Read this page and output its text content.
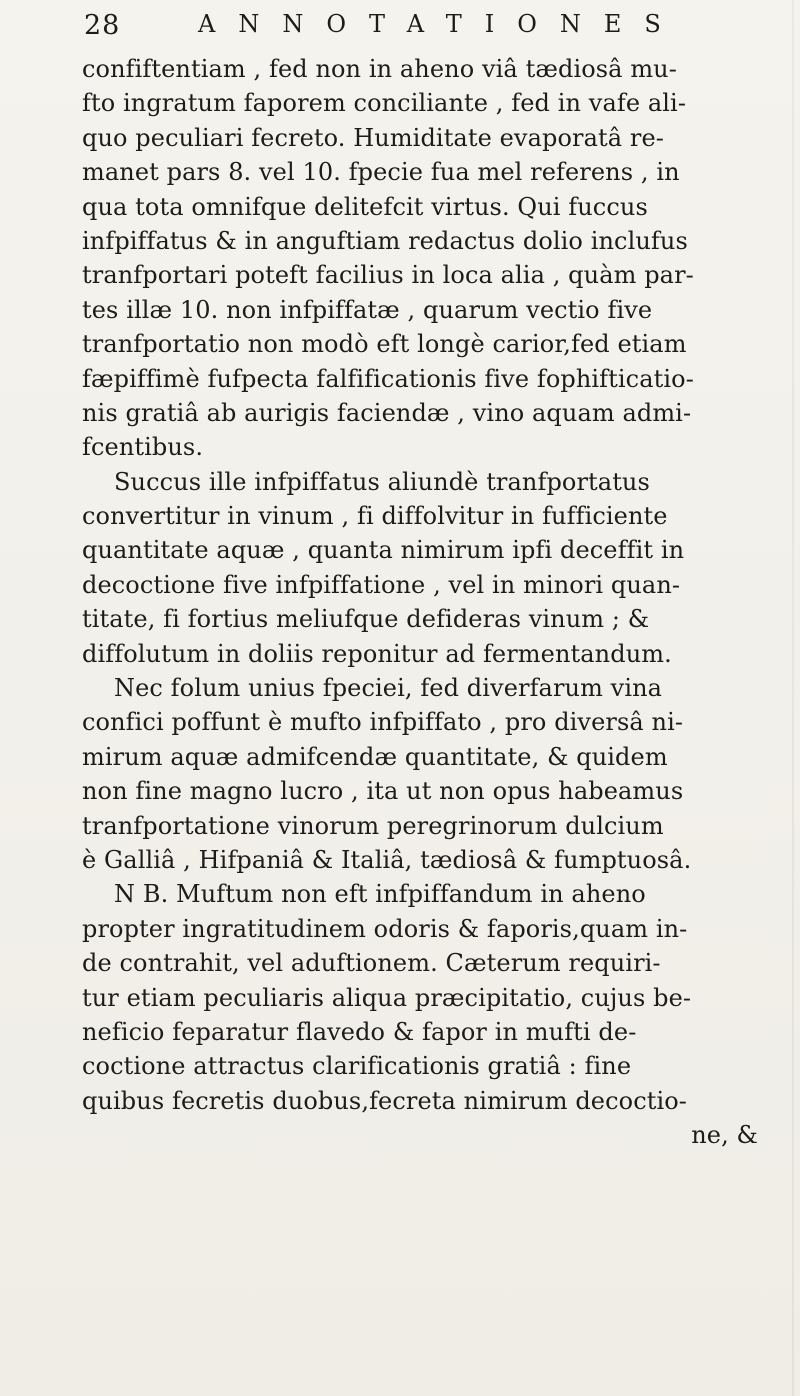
28	ANNOTATIONES
confiftentiam , fed non in aheno viâ tædiosâ mu-
fto ingratum faporem conciliante , fed in vafe ali-
quo peculiari fecreto. Humiditate evaporatâ re-
manet pars 8. vel 10. fpecie fua mel referens , in
qua tota omnifque delitefcit virtus. Qui fuccus
infpiffatus & in anguftiam redactus dolio inclufus
tranfportari poteft facilius in loca alia , quàm par-
tes illæ 10. non infpiffatæ , quarum vectio five
tranfportatio non modò eft longè carior,fed etiam
fæpiffimè fufpecta falfificationis five fophifticatio-
nis gratiâ ab aurigis faciendæ , vino aquam admi-
fcentibus.
Succus ille infpiffatus aliundè tranfportatus
convertitur in vinum , fi diffolvitur in fufficiente
quantitate aquæ , quanta nimirum ipfi deceffit in
decoctione five infpiffatione , vel in minori quan-
titate, fi fortius meliufque defideras vinum ; &
diffolutum in doliis reponitur ad fermentandum.
Nec folum unius fpeciei, fed diverfarum vina
confici poffunt è mufto infpiffato , pro diversâ ni-
mirum aquæ admifcendæ quantitate, & quidem
non fine magno lucro , ita ut non opus habeamus
tranfportatione vinorum peregrinorum dulcium
è Galliâ , Hifpaniâ & Italiâ, tædiosâ & fumptuosâ.
N B. Muftum non eft infpiffandum in aheno
propter ingratitudinem odoris & faporis,quam in-
de contrahit, vel aduftionem. Cæterum requiri-
tur etiam peculiaris aliqua præcipitatio, cujus be-
neficio feparatur flavedo & fapor in mufti de-
coctione attractus clarificationis gratiâ : fine
quibus fecretis duobus,fecreta nimirum decoctio-
ne, &
